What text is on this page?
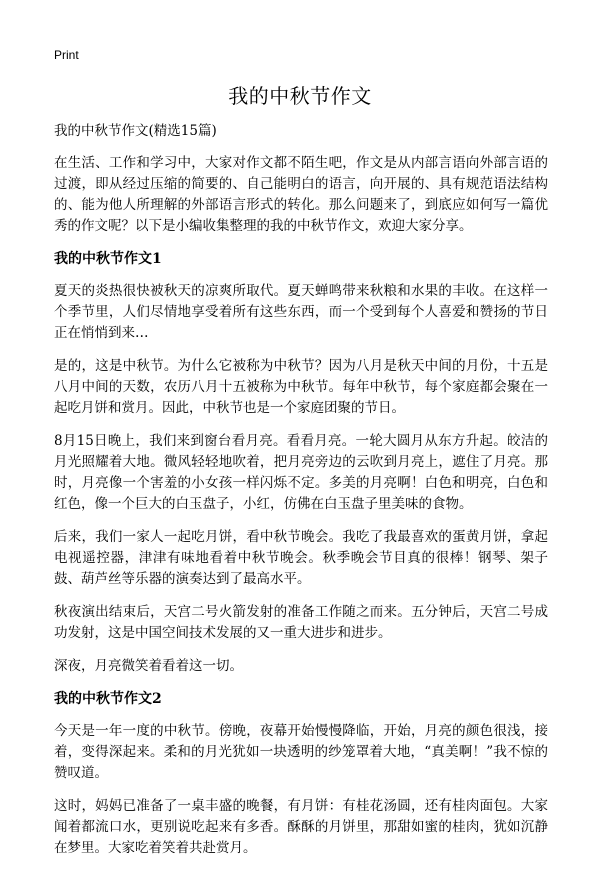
Print
我的中秋节作文

我的中秋节作文(精选15篇)

在生活、工作和学习中，大家对作文都不陌生吧，作文是从内部言语向外部言语的过渡，即从经过压缩的简要的、自己能明白的语言，向开展的、具有规范语法结构的、能为他人所理解的外部语言形式的转化。那么问题来了，到底应如何写一篇优秀的作文呢？以下是小编收集整理的我的中秋节作文，欢迎大家分享。

我的中秋节作文1

夏天的炎热很快被秋天的凉爽所取代。夏天蝉鸣带来秋粮和水果的丰收。在这样一个季节里，人们尽情地享受着所有这些东西，而一个受到每个人喜爱和赞扬的节日正在悄悄到来…

是的，这是中秋节。为什么它被称为中秋节？因为八月是秋天中间的月份，十五是八月中间的天数，农历八月十五被称为中秋节。每年中秋节，每个家庭都会聚在一起吃月饼和赏月。因此，中秋节也是一个家庭团聚的节日。

8月15日晚上，我们来到窗台看月亮。看看月亮。一轮大圆月从东方升起。皎洁的月光照耀着大地。微风轻轻地吹着，把月亮旁边的云吹到月亮上，遮住了月亮。那时，月亮像一个害羞的小女孩一样闪烁不定。多美的月亮啊！白色和明亮，白色和红色，像一个巨大的白玉盘子，小红，仿佛在白玉盘子里美味的食物。

后来，我们一家人一起吃月饼，看中秋节晚会。我吃了我最喜欢的蛋黄月饼，拿起电视遥控器，津津有味地看着中秋节晚会。秋季晚会节目真的很棒！钢琴、架子鼓、葫芦丝等乐器的演奏达到了最高水平。

秋夜演出结束后，天宫二号火箭发射的准备工作随之而来。五分钟后，天宫二号成功发射，这是中国空间技术发展的又一重大进步和进步。

深夜，月亮微笑着看着这一切。

我的中秋节作文2

今天是一年一度的中秋节。傍晚，夜幕开始慢慢降临，开始，月亮的颜色很浅，接着，变得深起来。柔和的月光犹如一块透明的纱笼罩着大地，“真美啊！”我不惊的赞叹道。

这时，妈妈已准备了一桌丰盛的晚餐，有月饼：有桂花汤圆，还有桂肉面包。大家闻着都流口水，更别说吃起来有多香。酥酥的月饼里，那甜如蜜的桂肉，犹如沉静在梦里。大家吃着笑着共赴赏月。
